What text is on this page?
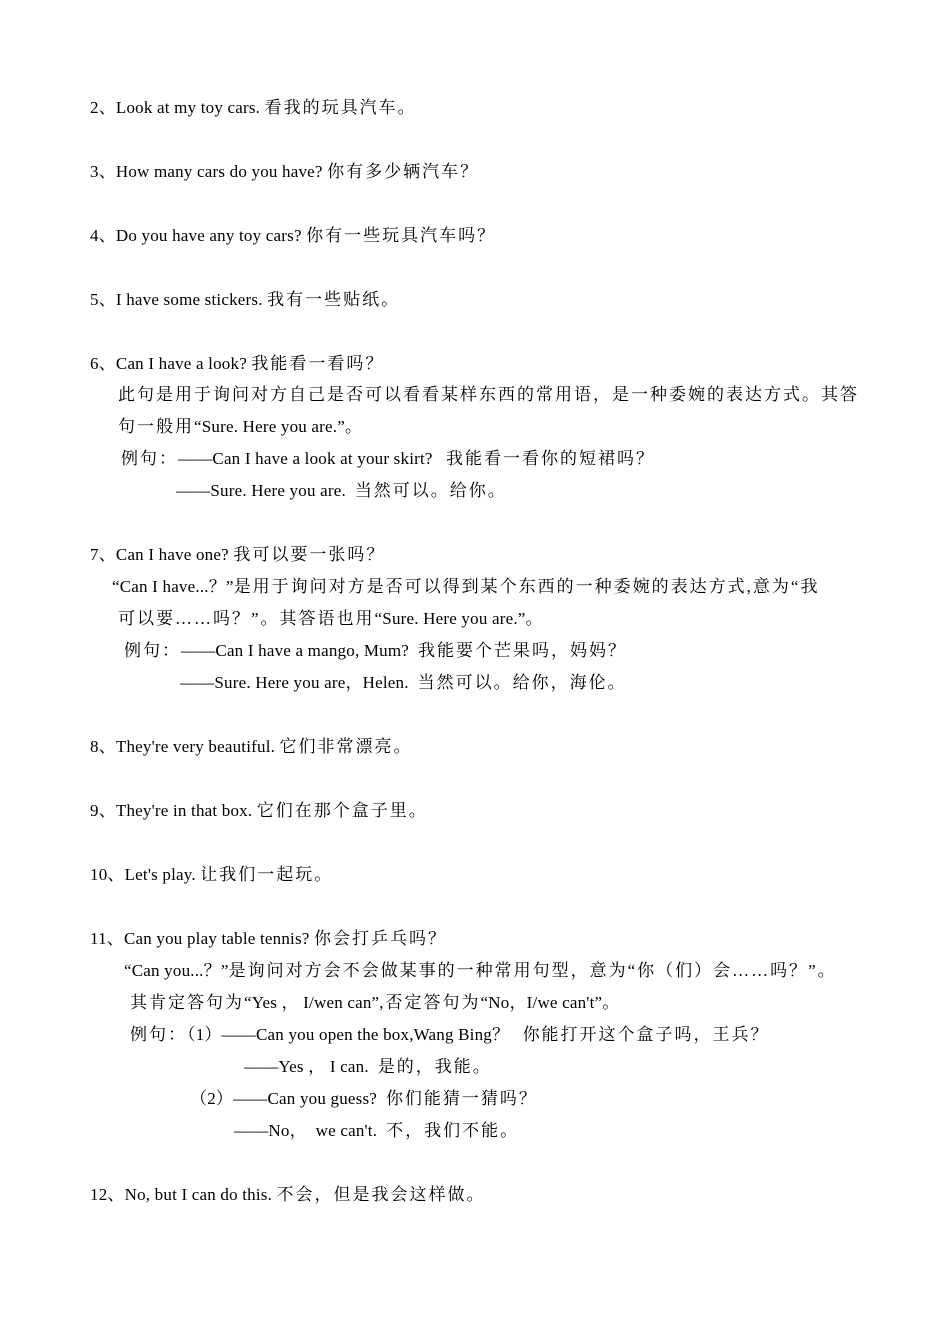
2、Look at my toy cars. 看我的玩具汽车。
3、How many cars do you have? 你有多少辆汽车？
4、Do you have any toy cars? 你有一些玩具汽车吗？
5、I have some stickers. 我有一些贴纸。
6、Can I have a look? 我能看一看吗？
此句是用于询问对方自己是否可以看看某样东西的常用语，是一种委婉的表达方式。其答
句一般用“Sure. Here you are.”。
例句：——Can I have a look at your skirt? 我能看一看你的短裙吗？
——Sure. Here you are. 当然可以。给你。
7、Can I have one? 我可以要一张吗？
“Can I have...？”是用于询问对方是否可以得到某个东西的一种委婉的表达方式,意为“我
可以要……吗？”。其答语也用“Sure. Here you are.”。
例句：——Can I have a mango, Mum? 我能要个芒果吗，妈妈？
——Sure. Here you are，Helen. 当然可以。给你，海伦。
8、They're very beautiful. 它们非常漂亮。
9、They're in that box. 它们在那个盒子里。
10、Let's play. 让我们一起玩。
11、Can you play table tennis? 你会打乒乓吗？
“Can you...？”是询问对方会不会做某事的一种常用句型，意为“你（们）会……吗？”。
其肯定答句为“Yes ， I/wen can”,否定答句为“No，I/we can't”。
例句：（1）——Can you open the box,Wang Bing？ 你能打开这个盒子吗，王兵？
——Yes ， I can. 是的，我能。
（2）——Can you guess? 你们能猜一猜吗？
——No，  we can't. 不，我们不能。
12、No, but I can do this. 不会，但是我会这样做。
